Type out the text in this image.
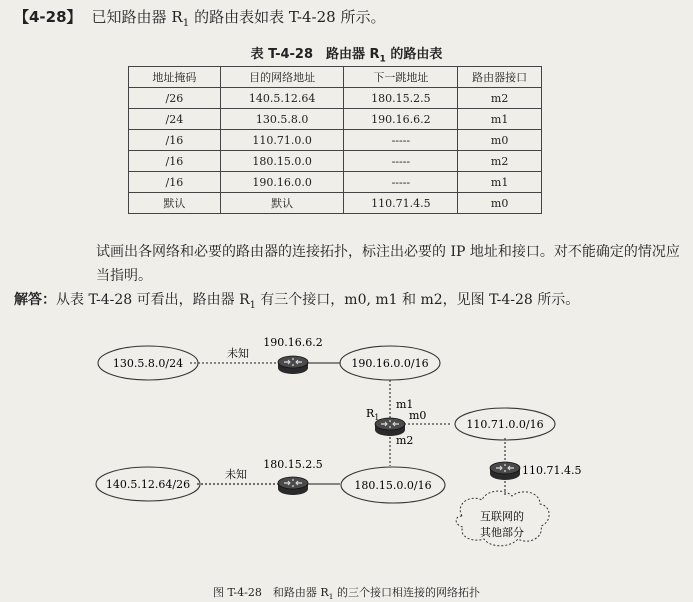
【4-28】 已知路由器 $R_1$ 的路由表如表 T-4-28 所示。
表 T-4-28　路由器 $R_1$ 的路由表
地址掩码	目的网络地址	下一跳地址	路由器接口
/26	140.5.12.64	180.15.2.5	m2
/24	130.5.8.0	190.16.6.2	m1
/16	110.71.0.0	-----	m0
/16	180.15.0.0	-----	m2
/16	190.16.0.0	-----	m1
默认	默认	110.71.4.5	m0
试画出各网络和必要的路由器的连接拓扑，标注出必要的 IP 地址和接口。对不能确定的情况应当指明。
解答：从表 T-4-28 可看出，路由器 $R_1$ 有三个接口，m0, m1 和 m2，见图 T-4-28 所示。
130.5.8.0/24	190.16.0.0/16
110.71.0.0/16
140.5.12.64/26	180.15.0.0/16
互联网的
其他部分
未知
190.16.6.2
$R_1$
m1
m0
m2
110.71.4.5
未知
180.15.2.5
图 T-4-28　和路由器 $R_1$ 的三个接口相连接的网络拓扑
